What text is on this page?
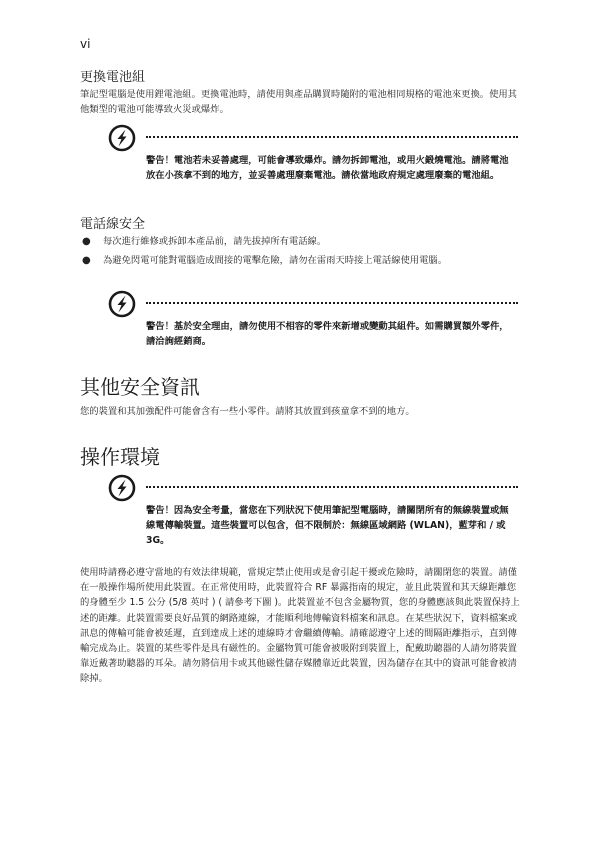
vi
更換電池組

筆記型電腦是使用鋰電池組。更換電池時，請使用與產品購買時隨附的電池相同規格的電池來更換。使用其他類型的電池可能導致火災或爆炸。

警告！電池若未妥善處理，可能會導致爆炸。請勿拆卸電池，或用火鍛燒電池。請將電池放在小孩拿不到的地方，並妥善處理廢棄電池。請依當地政府規定處理廢棄的電池組。
電話線安全
● 每次進行維修或拆卸本產品前，請先拔掉所有電話線。
● 為避免閃電可能對電腦造成間接的電擊危險，請勿在雷雨天時接上電話線使用電腦。
警告！基於安全理由，請勿使用不相容的零件來新增或變動其組件。如需購買額外零件，請洽詢經銷商。
其他安全資訊

您的裝置和其加強配件可能會含有一些小零件。請將其放置到孩童拿不到的地方。

操作環境
警告！因為安全考量，當您在下列狀況下使用筆記型電腦時，請關閉所有的無線裝置或無線電傳輸裝置。這些裝置可以包含，但不限制於：無線區域網路 (WLAN)，藍芽和 / 或 3G。

使用時請務必遵守當地的有效法律規範，當規定禁止使用或是會引起干擾或危險時，請關閉您的裝置。請僅在一般操作場所使用此裝置。在正常使用時，此裝置符合 RF 暴露指南的規定，並且此裝置和其天線距離您的身體至少 1.5 公分 (5/8 英吋 ) ( 請參考下圖 )。此裝置並不包含金屬物質，您的身體應該與此裝置保持上述的距離。此裝置需要良好品質的網路連線，才能順利地傳輸資料檔案和訊息。在某些狀況下，資料檔案或訊息的傳輸可能會被延遲，直到達成上述的連線時才會繼續傳輸。請確認遵守上述的間隔距離指示，直到傳輸完成為止。裝置的某些零件是具有磁性的。金屬物質可能會被吸附到裝置上，配戴助聽器的人請勿將裝置靠近戴著助聽器的耳朵。請勿將信用卡或其他磁性儲存媒體靠近此裝置，因為儲存在其中的資訊可能會被清除掉。
